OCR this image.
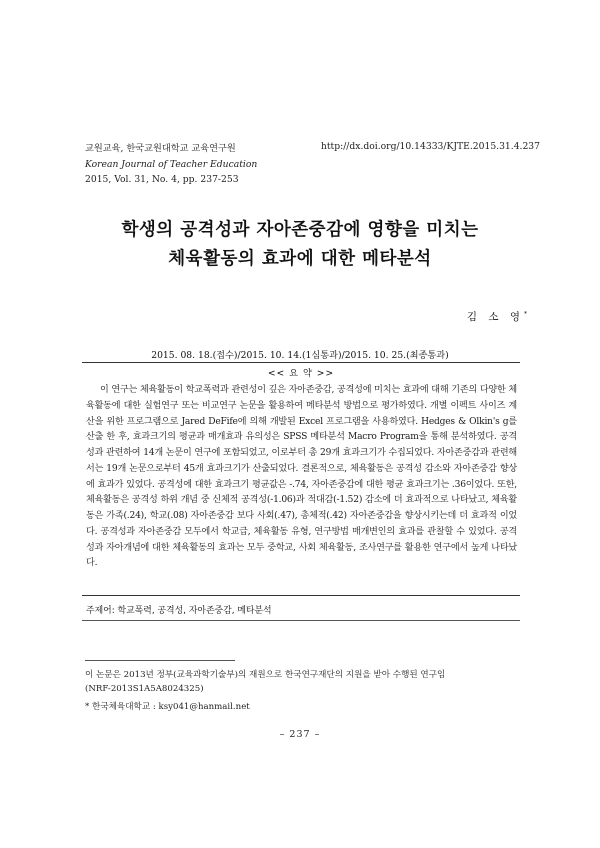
교원교육, 한국교원대학교 교육연구원
Korean Journal of Teacher Education
2015, Vol. 31, No. 4, pp. 237-253
http://dx.doi.org/10.14333/KJTE.2015.31.4.237
학생의 공격성과 자아존중감에 영향을 미치는
체육활동의 효과에 대한 메타분석
김 소 영*
2015. 08. 18.(접수)/2015. 10. 14.(1심통과)/2015. 10. 25.(최종통과)
<< 요 약 >>
이 연구는 체육활동이 학교폭력과 관련성이 깊은 자아존중감, 공격성에 미치는 효과에 대해 기존의 다양한 체육활동에 대한 실험연구 또는 비교연구 논문을 활용하여 메타분석 방법으로 평가하였다. 개별 이펙트 사이즈 계산을 위한 프로그램으로 Jared DeFife에 의해 개발된 Excel 프로그램을 사용하였다. Hedges & Olkin's g를 산출 한 후, 효과크기의 평균과 매개효과 유의성은 SPSS 메타분석 Macro Program을 통해 분석하였다. 공격성과 관련하여 14개 논문이 연구에 포함되었고, 이로부터 총 29개 효과크기가 수집되었다. 자아존중감과 관련해서는 19개 논문으로부터 45개 효과크기가 산출되었다. 결론적으로, 체육활동은 공격성 감소와 자아존중감 향상에 효과가 있었다. 공격성에 대한 효과크기 평균값은 -.74, 자아존중감에 대한 평균 효과크기는 .36이었다. 또한, 체육활동은 공격성 하위 개념 중 신체적 공격성(-1.06)과 적대감(-1.52) 감소에 더 효과적으로 나타났고, 체육활동은 가족(.24), 학교(.08) 자아존중감 보다 사회(.47), 총체적(.42) 자아존중감을 향상시키는데 더 효과적 이었다. 공격성과 자아존중감 모두에서 학교급, 체육활동 유형, 연구방법 매개변인의 효과를 관찰할 수 있었다. 공격성과 자아개념에 대한 체육활동의 효과는 모두 중학교, 사회 체육활동, 조사연구를 활용한 연구에서 높게 나타났다.
주제어: 학교폭력, 공격성, 자아존중감, 메타분석
이 논문은 2013년 정부(교육과학기술부)의 재원으로 한국연구재단의 지원을 받아 수행된 연구임
(NRF-2013S1A5A8024325)
* 한국체육대학교 : ksy041@hanmail.net
– 237 –
